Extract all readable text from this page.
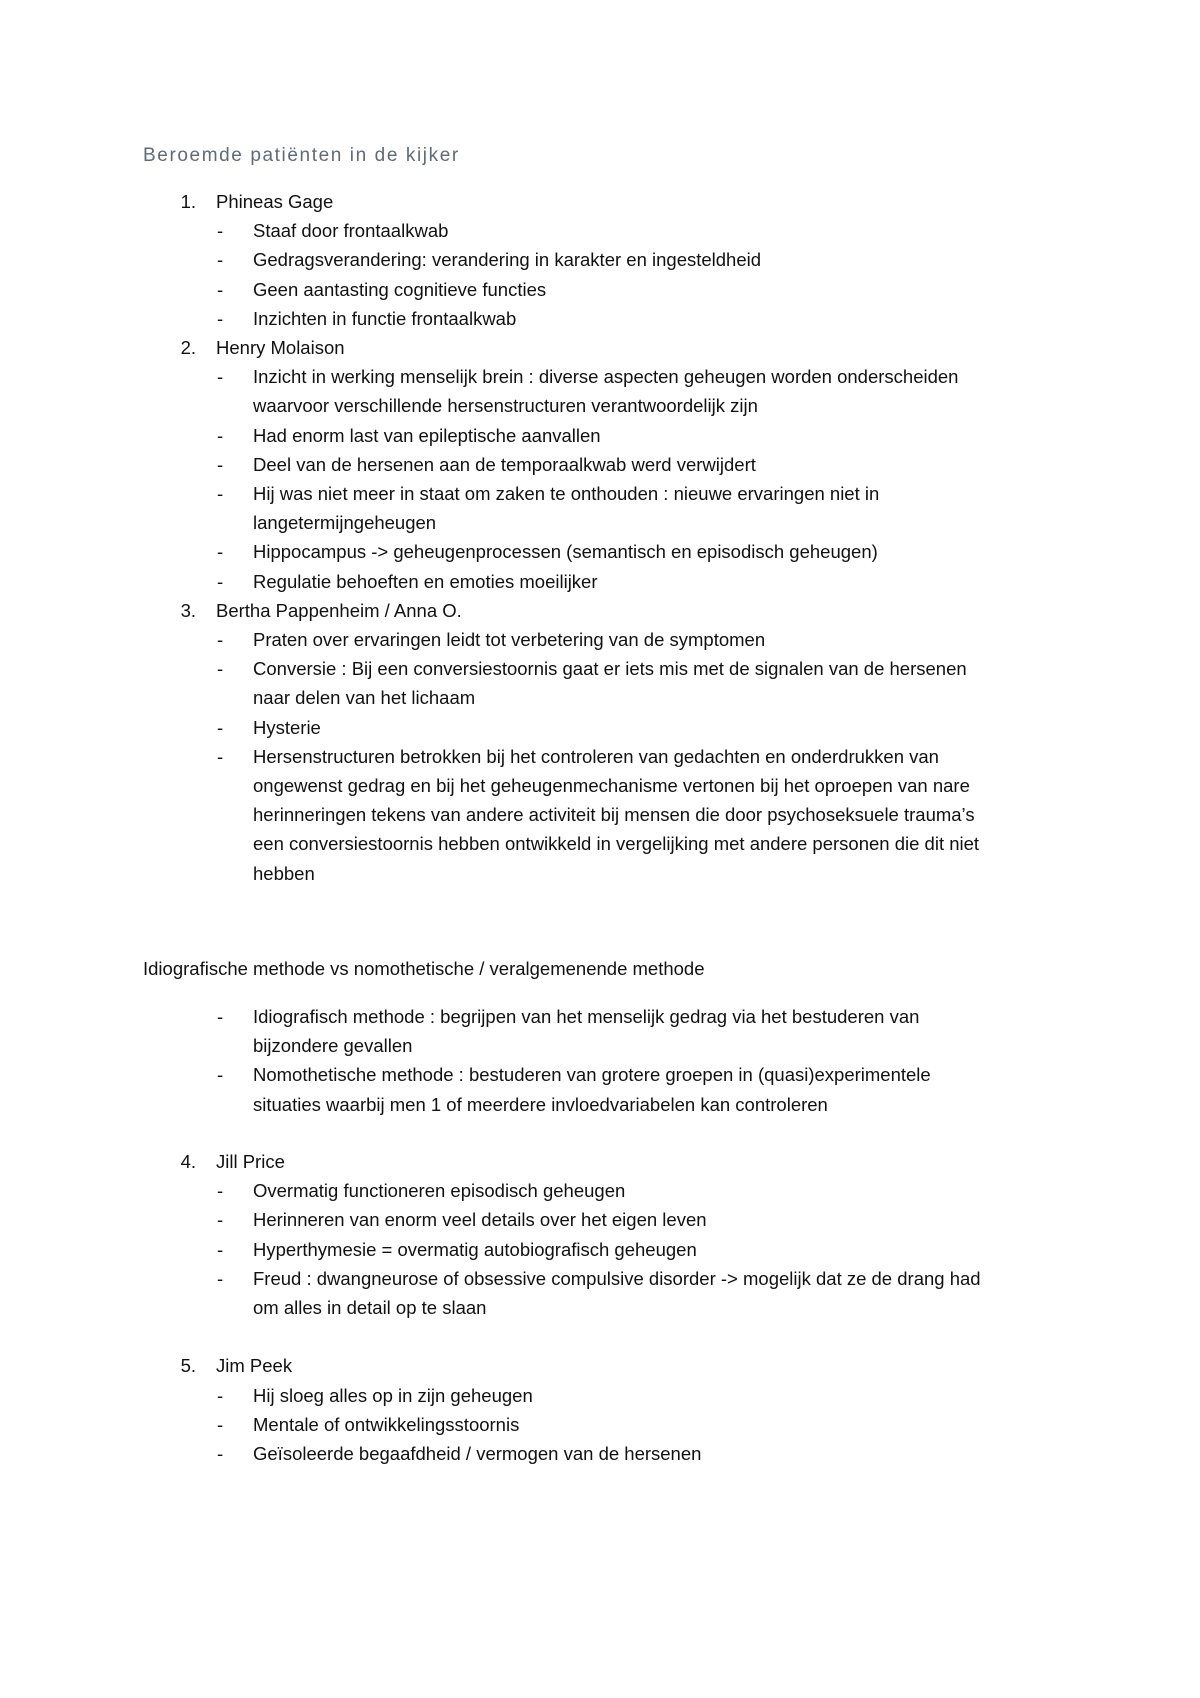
Beroemde patiënten in de kijker
1. Phineas Gage
- Staaf door frontaalkwab
- Gedragsverandering: verandering in karakter en ingesteldheid
- Geen aantasting cognitieve functies
- Inzichten in functie frontaalkwab
2. Henry Molaison
- Inzicht in werking menselijk brein : diverse aspecten geheugen worden onderscheiden
waarvoor verschillende hersenstructuren verantwoordelijk zijn
- Had enorm last van epileptische aanvallen
- Deel van de hersenen aan de temporaalkwab werd verwijdert
- Hij was niet meer in staat om zaken te onthouden : nieuwe ervaringen niet in
langetermijngeheugen
- Hippocampus -> geheugenprocessen (semantisch en episodisch geheugen)
- Regulatie behoeften en emoties moeilijker
3. Bertha Pappenheim / Anna O.
- Praten over ervaringen leidt tot verbetering van de symptomen
- Conversie : Bij een conversiestoornis gaat er iets mis met de signalen van de hersenen
naar delen van het lichaam
- Hysterie
- Hersenstructuren betrokken bij het controleren van gedachten en onderdrukken van
ongewenst gedrag en bij het geheugenmechanisme vertonen bij het oproepen van nare
herinneringen tekens van andere activiteit bij mensen die door psychoseksuele trauma’s
een conversiestoornis hebben ontwikkeld in vergelijking met andere personen die dit niet
hebben
Idiografische methode vs nomothetische / veralgemenende methode
- Idiografisch methode : begrijpen van het menselijk gedrag via het bestuderen van
bijzondere gevallen
- Nomothetische methode : bestuderen van grotere groepen in (quasi)experimentele
situaties waarbij men 1 of meerdere invloedvariabelen kan controleren
4. Jill Price
- Overmatig functioneren episodisch geheugen
- Herinneren van enorm veel details over het eigen leven
- Hyperthymesie = overmatig autobiografisch geheugen
- Freud : dwangneurose of obsessive compulsive disorder -> mogelijk dat ze de drang had
om alles in detail op te slaan
5. Jim Peek
- Hij sloeg alles op in zijn geheugen
- Mentale of ontwikkelingsstoornis
- Geïsoleerde begaafdheid / vermogen van de hersenen
